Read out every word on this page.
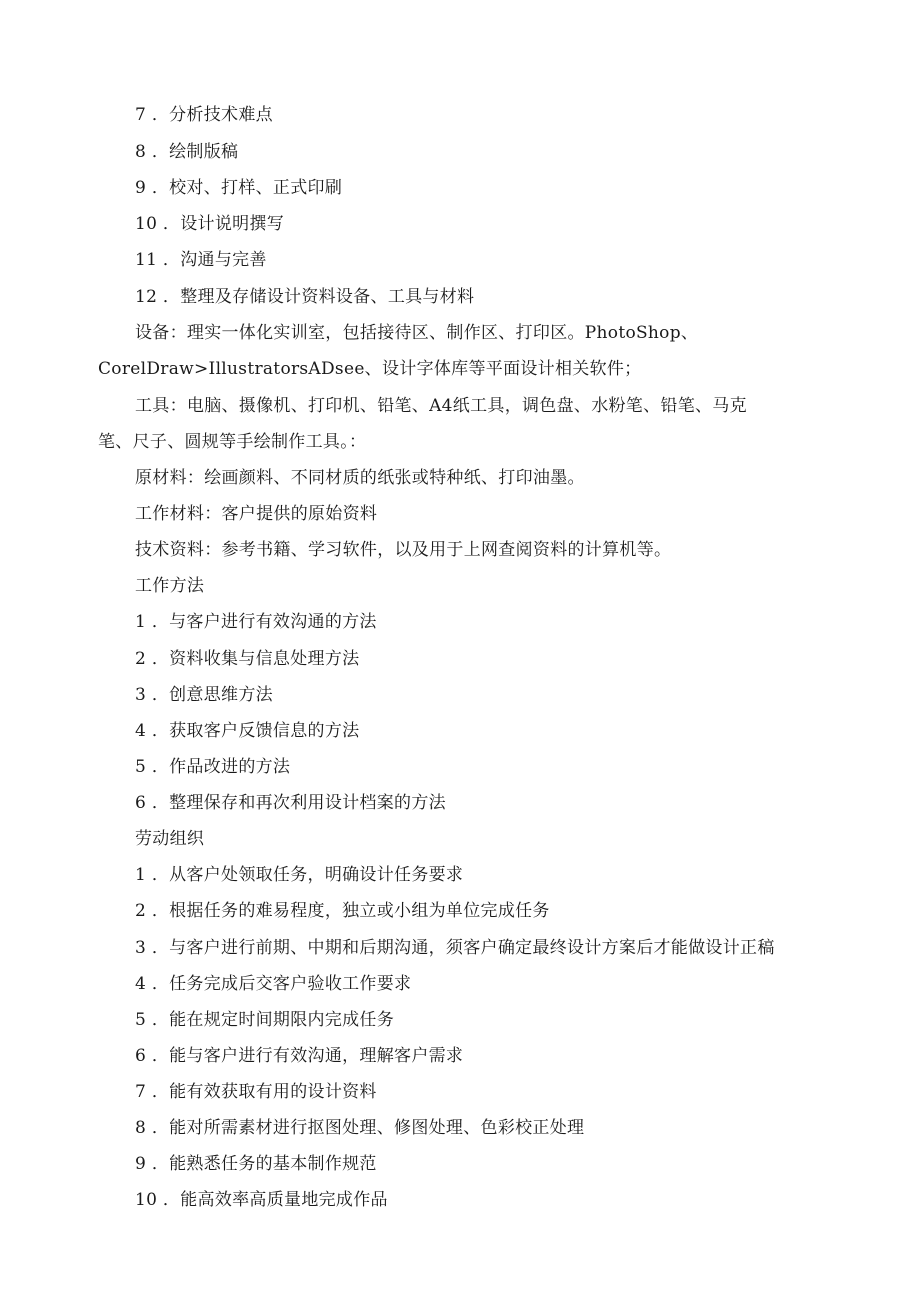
7 ．分析技术难点
8 ．绘制版稿
9 ．校对、打样、正式印刷
10 ．设计说明撰写
11 ．沟通与完善
12 ．整理及存储设计资料设备、工具与材料
设备：理实一体化实训室，包括接待区、制作区、打印区。PhotoShop、
CorelDraw>IllustratorsADsee、设计字体库等平面设计相关软件；
工具：电脑、摄像机、打印机、铅笔、A4纸工具，调色盘、水粉笔、铅笔、马克
笔、尺子、圆规等手绘制作工具。：
原材料：绘画颜料、不同材质的纸张或特种纸、打印油墨。
工作材料：客户提供的原始资料
技术资料：参考书籍、学习软件，以及用于上网查阅资料的计算机等。
工作方法
1 ．与客户进行有效沟通的方法
2 ．资料收集与信息处理方法
3 ．创意思维方法
4 ．获取客户反馈信息的方法
5 ．作品改进的方法
6 ．整理保存和再次利用设计档案的方法
劳动组织
1 ．从客户处领取任务，明确设计任务要求
2 ．根据任务的难易程度，独立或小组为单位完成任务
3 ．与客户进行前期、中期和后期沟通，须客户确定最终设计方案后才能做设计正稿
4 ．任务完成后交客户验收工作要求
5 ．能在规定时间期限内完成任务
6 ．能与客户进行有效沟通，理解客户需求
7 ．能有效获取有用的设计资料
8 ．能对所需素材进行抠图处理、修图处理、色彩校正处理
9 ．能熟悉任务的基本制作规范
10 ．能高效率高质量地完成作品
